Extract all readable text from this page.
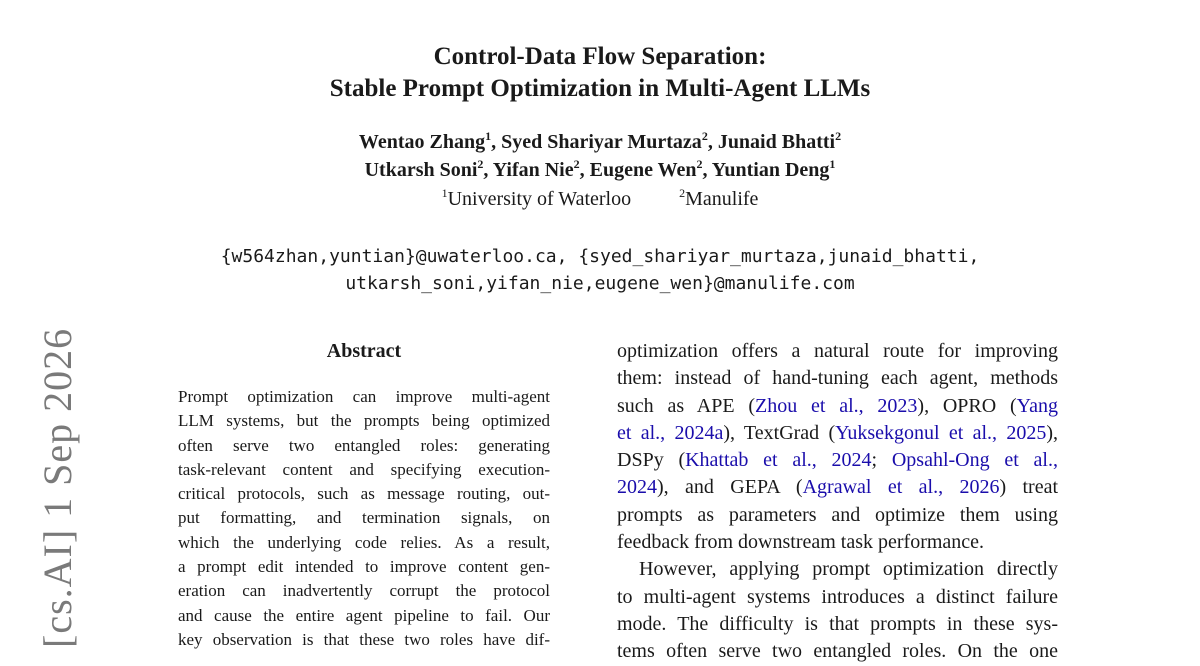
Control-Data Flow Separation:
Stable Prompt Optimization in Multi-Agent LLMs
Wentao Zhang$^1$, Syed Shariyar Murtaza$^2$, Junaid Bhatti$^2$
Utkarsh Soni$^2$, Yifan Nie$^2$, Eugene Wen$^2$, Yuntian Deng$^1$
$^1$University of Waterloo	$^2$Manulife
{w564zhan,yuntian}@uwaterloo.ca, {syed_shariyar_murtaza,junaid_bhatti,
utkarsh_soni,yifan_nie,eugene_wen}@manulife.com
Abstract
Prompt optimization can improve multi-agent
LLM systems, but the prompts being optimized
often serve two entangled roles: generating
task-relevant content and specifying execution-
critical protocols, such as message routing, out-
put formatting, and termination signals, on
which the underlying code relies. As a result,
a prompt edit intended to improve content gen-
eration can inadvertently corrupt the protocol
and cause the entire agent pipeline to fail. Our
key observation is that these two roles have dif-
optimization offers a natural route for improving
them: instead of hand-tuning each agent, methods
such as APE (Zhou et al., 2023), OPRO (Yang
et al., 2024a), TextGrad (Yuksekgonul et al., 2025),
DSPy (Khattab et al., 2024; Opsahl-Ong et al.,
2024), and GEPA (Agrawal et al., 2026) treat
prompts as parameters and optimize them using
feedback from downstream task performance.
However, applying prompt optimization directly
to multi-agent systems introduces a distinct failure
mode. The difficulty is that prompts in these sys-
tems often serve two entangled roles. On the one
[cs.AI] 1 Sep 2026
